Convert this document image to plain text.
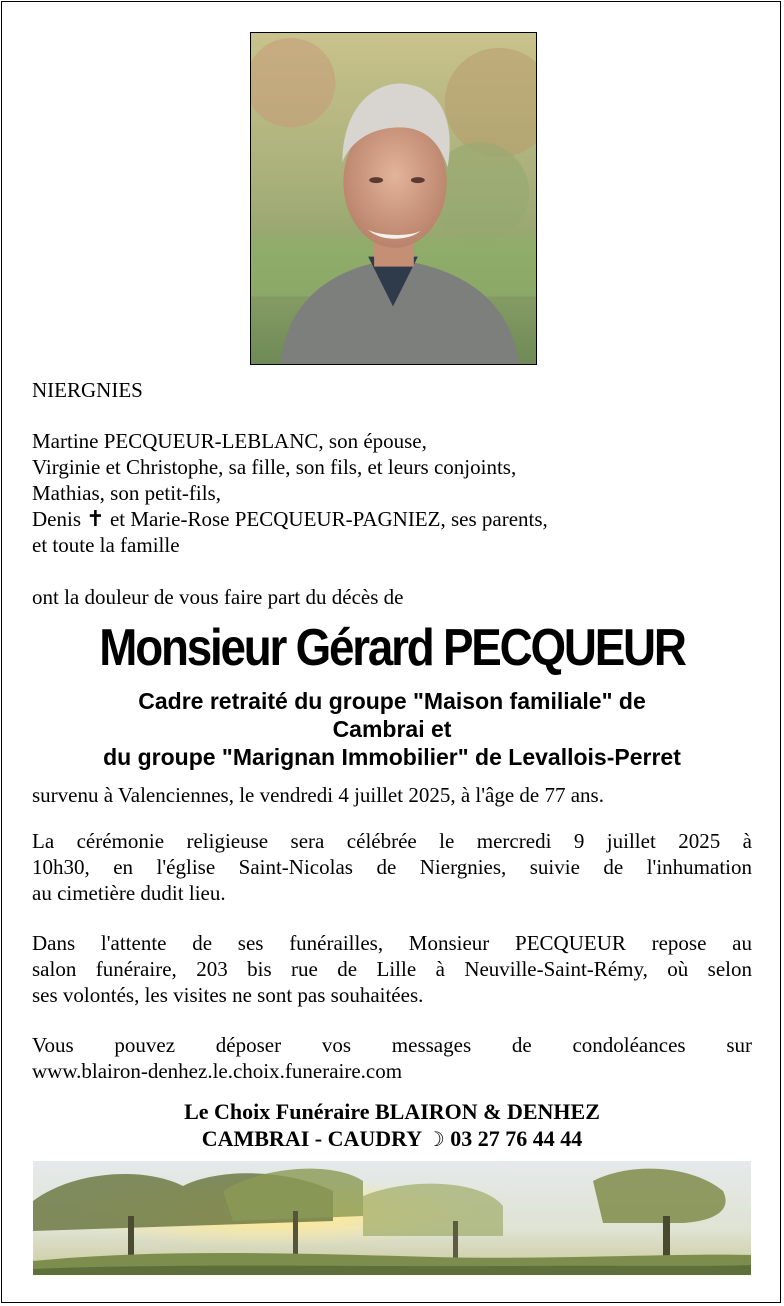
NIERGNIES
Martine PECQUEUR-LEBLANC, son épouse,
Virginie et Christophe, sa fille, son fils, et leurs conjoints,
Mathias, son petit-fils,
Denis ✝ et Marie-Rose PECQUEUR-PAGNIEZ, ses parents,
et toute la famille
ont la douleur de vous faire part du décès de
Monsieur Gérard PECQUEUR
Cadre retraité du groupe "Maison familiale" de
Cambrai et
du groupe "Marignan Immobilier" de Levallois-Perret
survenu à Valenciennes, le vendredi 4 juillet 2025, à l'âge de 77 ans.
La cérémonie religieuse sera célébrée le mercredi 9 juillet 2025 à
10h30, en l'église Saint-Nicolas de Niergnies, suivie de l'inhumation
au cimetière dudit lieu.
Dans l'attente de ses funérailles, Monsieur PECQUEUR repose au
salon funéraire, 203 bis rue de Lille à Neuville-Saint-Rémy, où selon
ses volontés, les visites ne sont pas souhaitées.
Vous pouvez déposer vos messages de condoléances sur
www.blairon-denhez.le.choix.funeraire.com
Le Choix Funéraire BLAIRON & DENHEZ
CAMBRAI - CAUDRY ☽ 03 27 76 44 44
